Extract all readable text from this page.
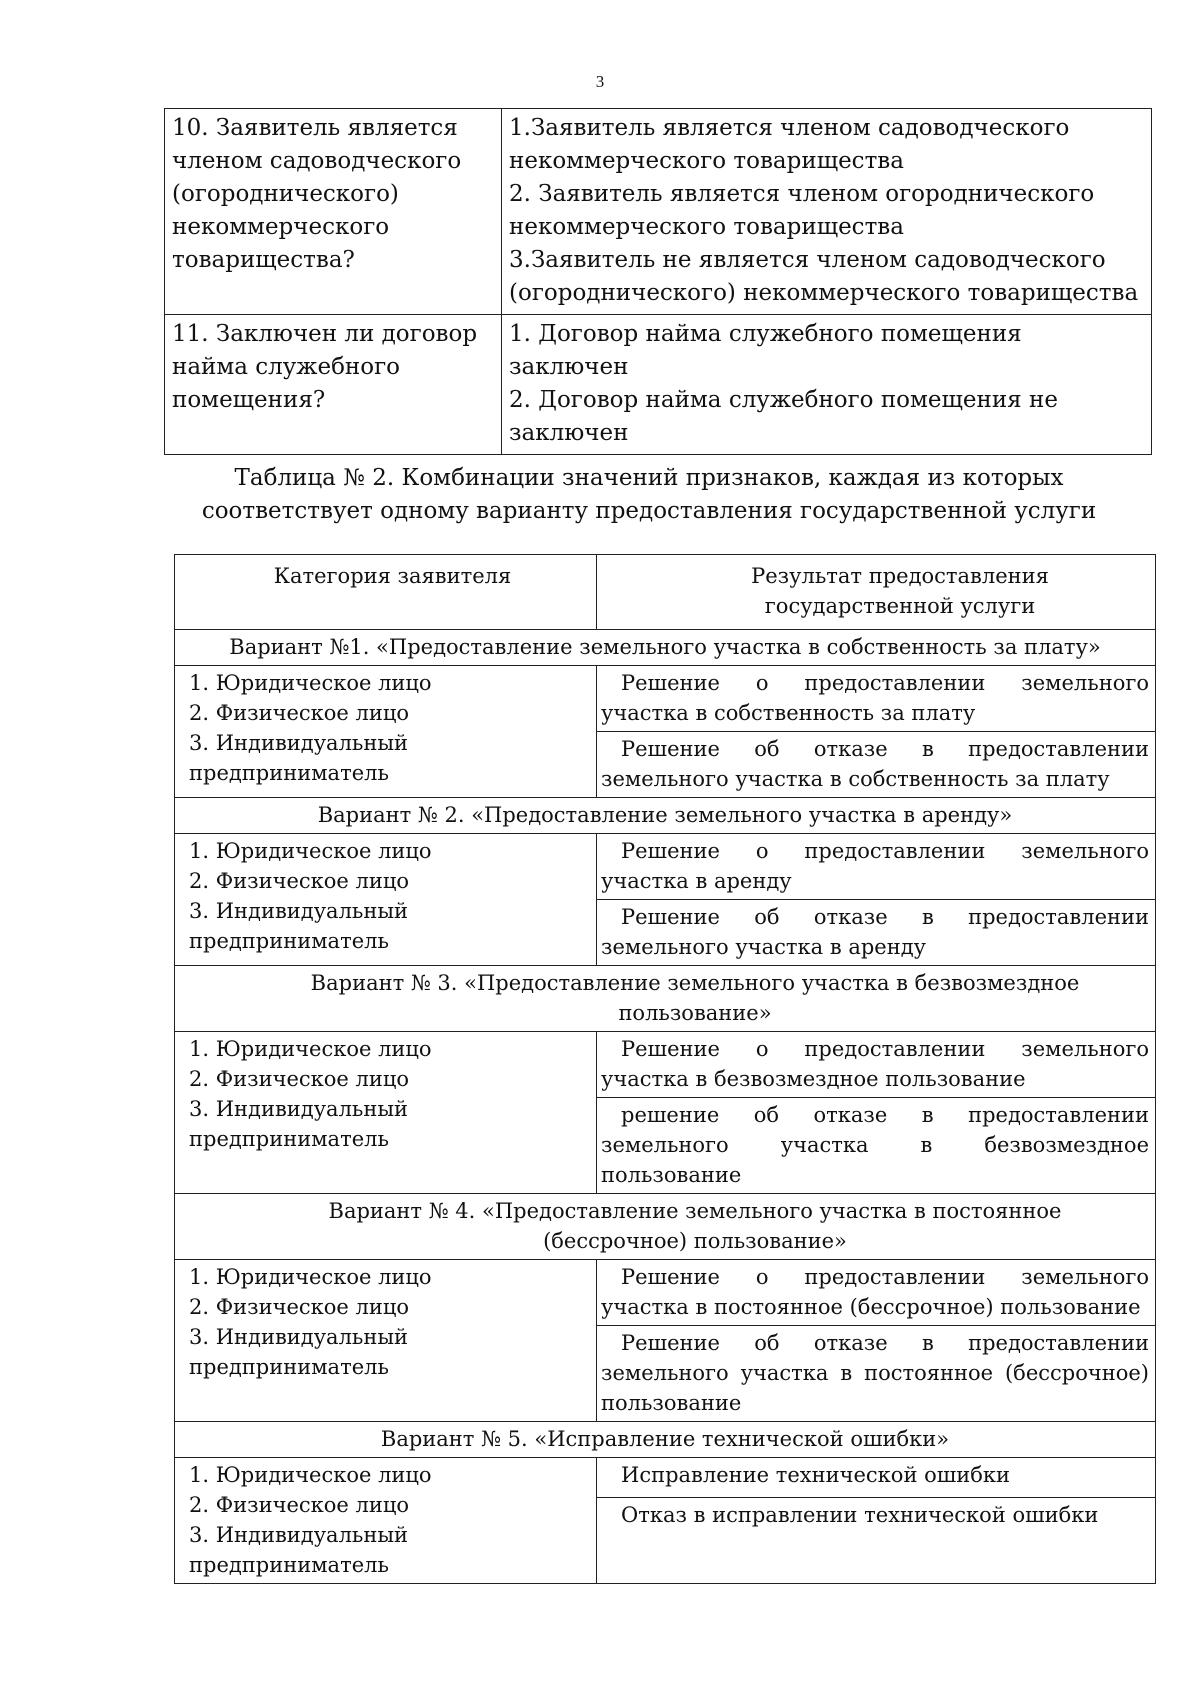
3
10. Заявитель является членом садоводческого (огороднического) некоммерческого товарищества?	1.Заявитель является членом садоводческого некоммерческого товарищества
2. Заявитель является членом огороднического некоммерческого товарищества
3.Заявитель не является членом садоводческого (огороднического) некоммерческого товарищества

11. Заключен ли договор найма служебного помещения?	1. Договор найма служебного помещения заключен
2. Договор найма служебного помещения не заключен
Таблица № 2. Комбинации значений признаков, каждая из которых соответствует одному варианту предоставления государственной услуги
Категория заявителя	Результат предоставления государственной услуги
Вариант №1. «Предоставление земельного участка в собственность за плату»	

1. Юридическое лицо
2. Физическое лицо
3. Индивидуальный предприниматель	Решение о предоставлении земельного участка в собственность за плату
	Решение об отказе в предоставлении земельного участка в собственность за плату
Вариант № 2. «Предоставление земельного участка в аренду»	

1. Юридическое лицо
2. Физическое лицо
3. Индивидуальный предприниматель	Решение о предоставлении земельного участка в аренду
	Решение об отказе в предоставлении земельного участка в аренду
Вариант № 3. «Предоставление земельного участка в безвозмездное пользование»	

1. Юридическое лицо
2. Физическое лицо
3. Индивидуальный предприниматель	Решение о предоставлении земельного участка в безвозмездное пользование
	решение об отказе в предоставлении земельного участка в безвозмездное пользование
Вариант № 4. «Предоставление земельного участка в постоянное (бессрочное) пользование»	

1. Юридическое лицо
2. Физическое лицо
3. Индивидуальный предприниматель	Решение о предоставлении земельного участка в постоянное (бессрочное) пользование
	Решение об отказе в предоставлении земельного участка в постоянное (бессрочное) пользование
Вариант № 5. «Исправление технической ошибки»	

1. Юридическое лицо
2. Физическое лицо
3. Индивидуальный предприниматель	Исправление технической ошибки
	Отказ в исправлении технической ошибки
